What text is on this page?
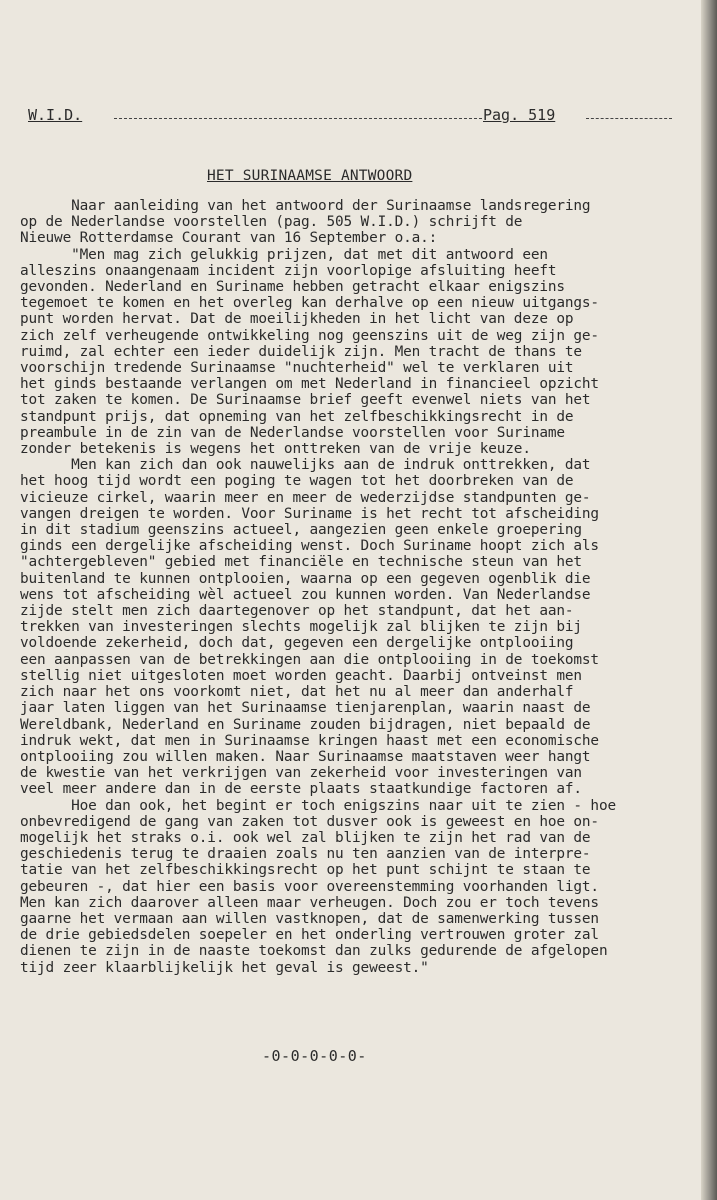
W.I.D.	Pag. 519
HET SURINAAMSE ANTWOORD
Naar aanleiding van het antwoord der Surinaamse landsregering
op de Nederlandse voorstellen (pag. 505 W.I.D.) schrijft de
Nieuwe Rotterdamse Courant van 16 September o.a.:
"Men mag zich gelukkig prijzen, dat met dit antwoord een
alleszins onaangenaam incident zijn voorlopige afsluiting heeft
gevonden. Nederland en Suriname hebben getracht elkaar enigszins
tegemoet te komen en het overleg kan derhalve op een nieuw uitgangs-
punt worden hervat. Dat de moeilijkheden in het licht van deze op
zich zelf verheugende ontwikkeling nog geenszins uit de weg zijn ge-
ruimd, zal echter een ieder duidelijk zijn. Men tracht de thans te
voorschijn tredende Surinaamse "nuchterheid" wel te verklaren uit
het ginds bestaande verlangen om met Nederland in financieel opzicht
tot zaken te komen. De Surinaamse brief geeft evenwel niets van het
standpunt prijs, dat opneming van het zelfbeschikkingsrecht in de
preambule in de zin van de Nederlandse voorstellen voor Suriname
zonder betekenis is wegens het onttreken van de vrije keuze.
Men kan zich dan ook nauwelijks aan de indruk onttrekken, dat
het hoog tijd wordt een poging te wagen tot het doorbreken van de
vicieuze cirkel, waarin meer en meer de wederzijdse standpunten ge-
vangen dreigen te worden. Voor Suriname is het recht tot afscheiding
in dit stadium geenszins actueel, aangezien geen enkele groepering
ginds een dergelijke afscheiding wenst. Doch Suriname hoopt zich als
"achtergebleven" gebied met financiële en technische steun van het
buitenland te kunnen ontplooien, waarna op een gegeven ogenblik die
wens tot afscheiding wèl actueel zou kunnen worden. Van Nederlandse
zijde stelt men zich daartegenover op het standpunt, dat het aan-
trekken van investeringen slechts mogelijk zal blijken te zijn bij
voldoende zekerheid, doch dat, gegeven een dergelijke ontplooiing
een aanpassen van de betrekkingen aan die ontplooiing in de toekomst
stellig niet uitgesloten moet worden geacht. Daarbij ontveinst men
zich naar het ons voorkomt niet, dat het nu al meer dan anderhalf
jaar laten liggen van het Surinaamse tienjarenplan, waarin naast de
Wereldbank, Nederland en Suriname zouden bijdragen, niet bepaald de
indruk wekt, dat men in Surinaamse kringen haast met een economische
ontplooiing zou willen maken. Naar Surinaamse maatstaven weer hangt
de kwestie van het verkrijgen van zekerheid voor investeringen van
veel meer andere dan in de eerste plaats staatkundige factoren af.
Hoe dan ook, het begint er toch enigszins naar uit te zien - hoe
onbevredigend de gang van zaken tot dusver ook is geweest en hoe on-
mogelijk het straks o.i. ook wel zal blijken te zijn het rad van de
geschiedenis terug te draaien zoals nu ten aanzien van de interpre-
tatie van het zelfbeschikkingsrecht op het punt schijnt te staan te
gebeuren -, dat hier een basis voor overeenstemming voorhanden ligt.
Men kan zich daarover alleen maar verheugen. Doch zou er toch tevens
gaarne het vermaan aan willen vastknopen, dat de samenwerking tussen
de drie gebiedsdelen soepeler en het onderling vertrouwen groter zal
dienen te zijn in de naaste toekomst dan zulks gedurende de afgelopen
tijd zeer klaarblijkelijk het geval is geweest."
-0-0-0-0-0-
